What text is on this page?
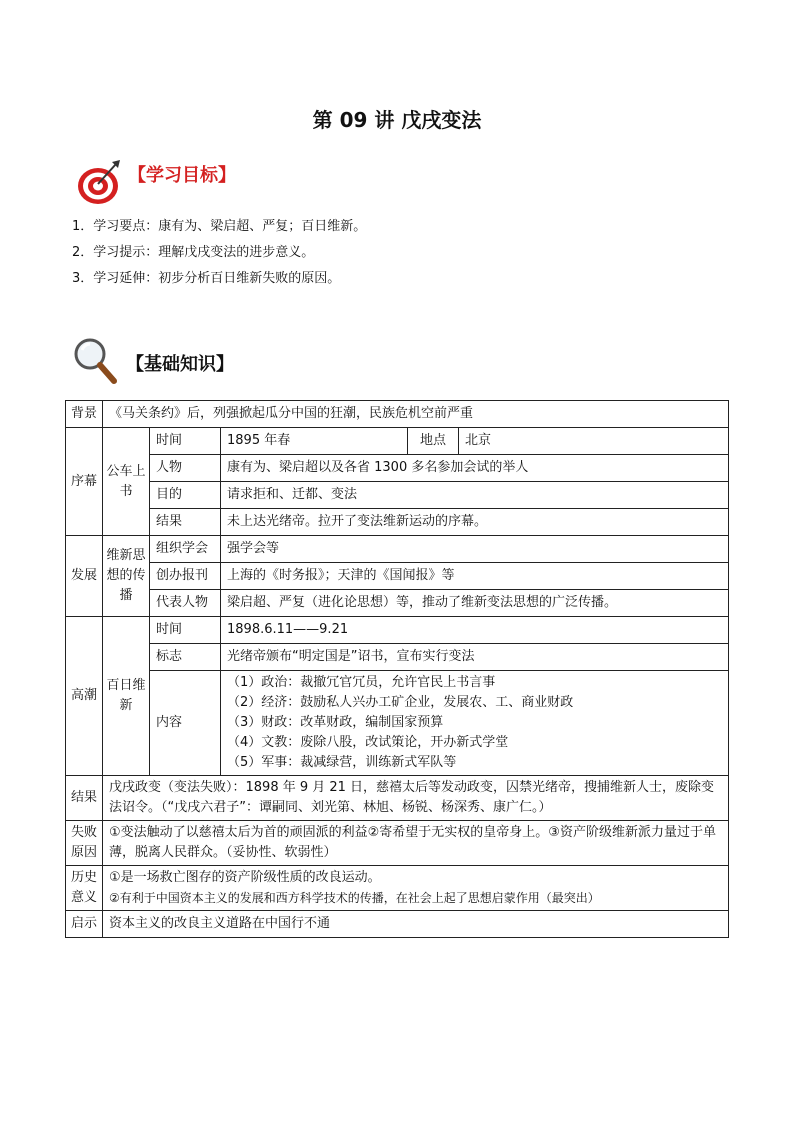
第 09 讲 戊戌变法
【学习目标】
1．学习要点：康有为、梁启超、严复；百日维新。
2．学习提示：理解戊戌变法的进步意义。
3．学习延伸：初步分析百日维新失败的原因。
【基础知识】
背景	《马关条约》后，列强掀起瓜分中国的狂潮，民族危机空前严重				
序幕	公车上书	时间	1895 年春	地点	北京
		人物	康有为、梁启超以及各省 1300 多名参加会试的举人		
		目的	请求拒和、迁都、变法		
		结果	未上达光绪帝。拉开了变法维新运动的序幕。		
发展	维新思想的传播	组织学会	强学会等		
		创办报刊	上海的《时务报》；天津的《国闻报》等		
		代表人物	梁启超、严复（进化论思想）等，推动了维新变法思想的广泛传播。		
高潮	百日维新	时间	1898.6.11——9.21		
		标志	光绪帝颁布“明定国是”诏书，宣布实行变法		
		内容	（1）政治：裁撤冗官冗员，允许官民上书言事
（2）经济：鼓励私人兴办工矿企业，发展农、工、商业财政
（3）财政：改革财政，编制国家预算
（4）文教：废除八股，改试策论，开办新式学堂
（5）军事：裁减绿营，训练新式军队等		

结果	戊戌政变（变法失败）：1898 年 9 月 21 日，慈禧太后等发动政变，囚禁光绪帝，搜捕维新人士，废除变法诏令。（“戊戌六君子”：谭嗣同、刘光第、林旭、杨锐、杨深秀、康广仁。）				
失败原因	①变法触动了以慈禧太后为首的顽固派的利益②寄希望于无实权的皇帝身上。③资产阶级维新派力量过于单薄，脱离人民群众。（妥协性、软弱性）				
历史意义	①是一场救亡图存的资产阶级性质的改良运动。
②有利于中国资本主义的发展和西方科学技术的传播，在社会上起了思想启蒙作用（最突出）				

启示	资本主义的改良主义道路在中国行不通				
